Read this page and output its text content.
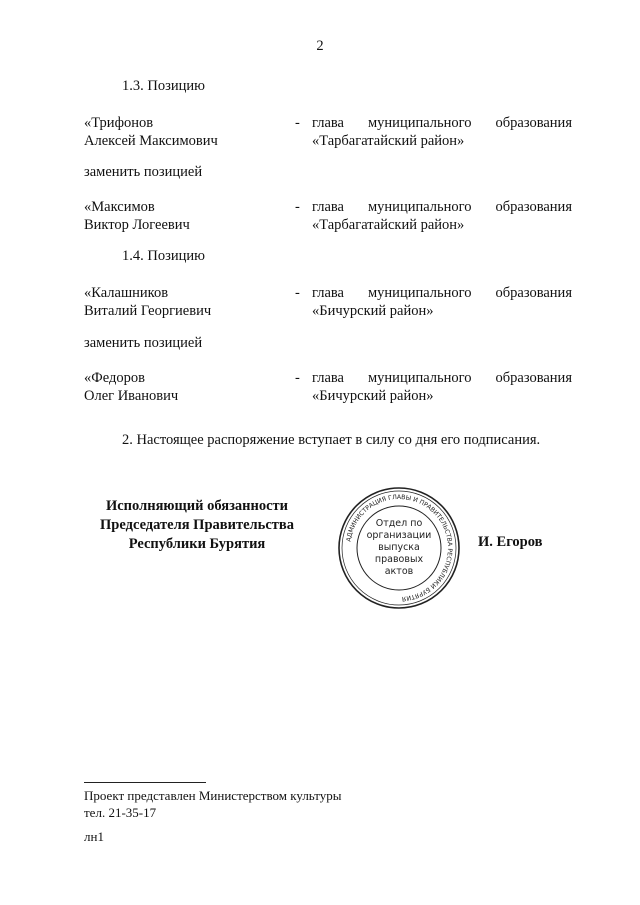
2
1.3. Позицию
«Трифонов
Алексей Максимович
- глава муниципального образования
«Тарбагатайский район»
заменить позицией
«Максимов
Виктор Логеевич
- глава муниципального образования
«Тарбагатайский район»
1.4. Позицию
«Калашников
Виталий Георгиевич
- глава муниципального образования
«Бичурский район»
заменить позицией
«Федоров
Олег Иванович
- глава муниципального образования
«Бичурский район»
2. Настоящее распоряжение вступает в силу со дня его подписания.
Исполняющий обязанности
Председателя Правительства
Республики Бурятия	АДМИНИСТРАЦИЯ ГЛАВЫ И ПРАВИТЕЛЬСТВА РЕСПУБЛИКИ БУРЯТИЯ
Отдел по
организации
выпуска
правовых
актов
И. Егоров
Проект представлен Министерством культуры
тел. 21-35-17
лн1
